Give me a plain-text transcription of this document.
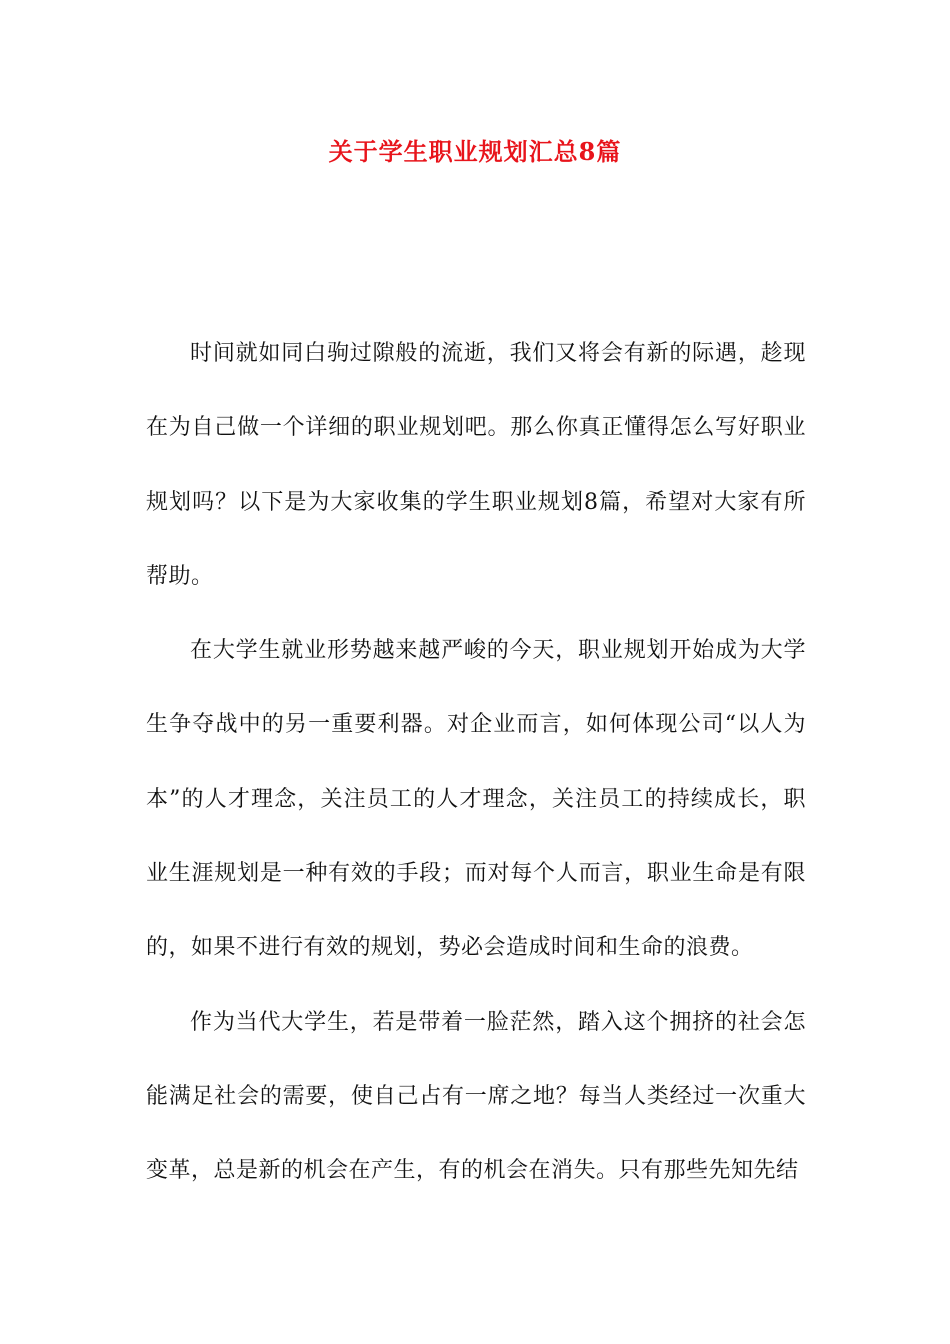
关于学生职业规划汇总8篇

时间就如同白驹过隙般的流逝，我们又将会有新的际遇，趁现在为自己做一个详细的职业规划吧。那么你真正懂得怎么写好职业规划吗？以下是为大家收集的学生职业规划8篇，希望对大家有所帮助。

在大学生就业形势越来越严峻的今天，职业规划开始成为大学生争夺战中的另一重要利器。对企业而言，如何体现公司“以人为本”的人才理念，关注员工的人才理念，关注员工的持续成长，职业生涯规划是一种有效的手段；而对每个人而言，职业生命是有限的，如果不进行有效的规划，势必会造成时间和生命的浪费。

作为当代大学生，若是带着一脸茫然，踏入这个拥挤的社会怎能满足社会的需要，使自己占有一席之地？每当人类经过一次重大变革，总是新的机会在产生，有的机会在消失。只有那些先知先结
